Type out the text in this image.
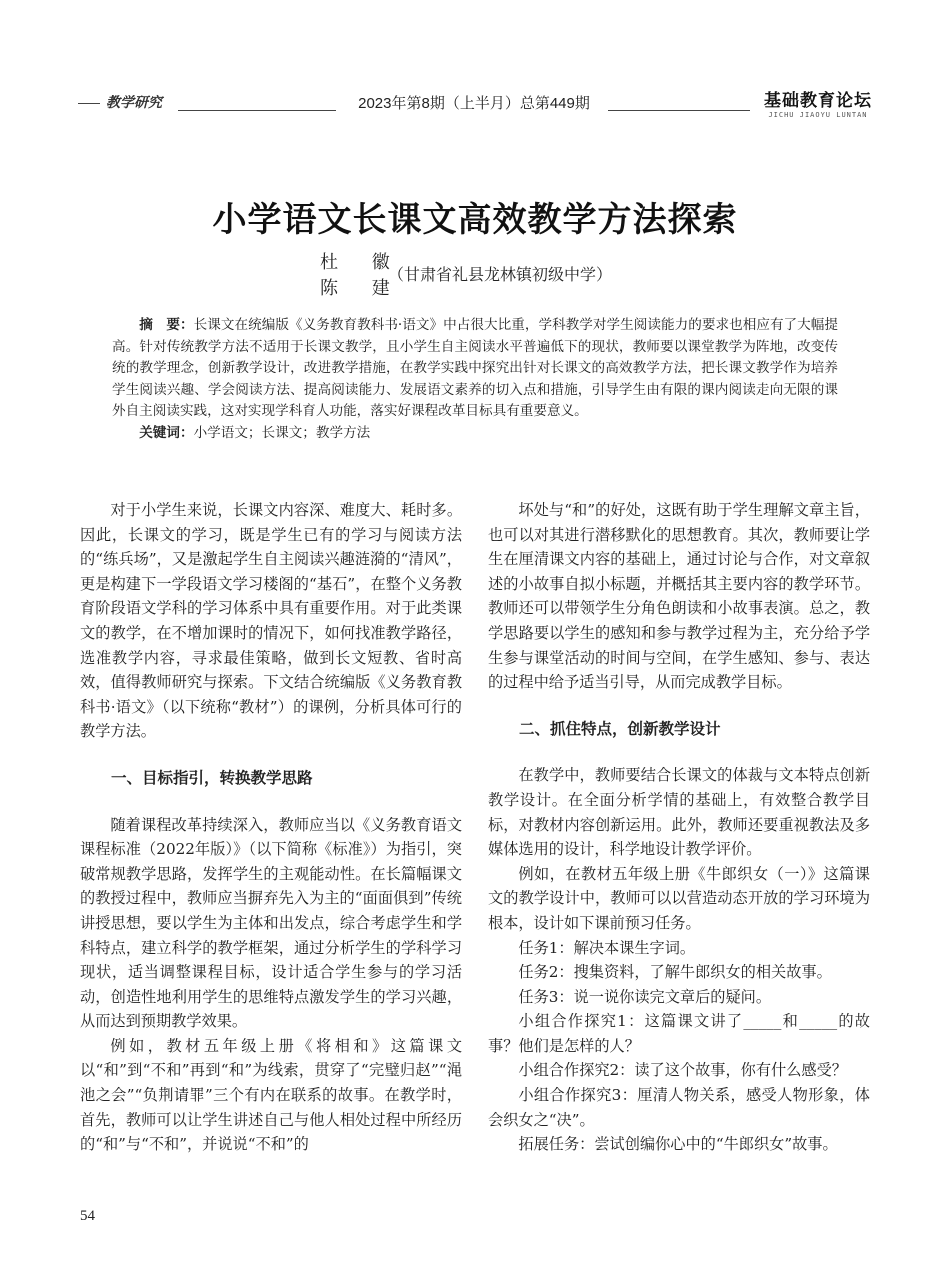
教学研究	2023年第8期（上半月）总第449期	基础教育论坛
JICHU JIAOYU LUNTAN
小学语文长课文高效教学方法探索
杜 徽
陈 建
（甘肃省礼县龙林镇初级中学）

摘　要：长课文在统编版《义务教育教科书·语文》中占很大比重，学科教学对学生阅读能力的要求也相应有了大幅提高。针对传统教学方法不适用于长课文教学，且小学生自主阅读水平普遍低下的现状，教师要以课堂教学为阵地，改变传统的教学理念，创新教学设计，改进教学措施，在教学实践中探究出针对长课文的高效教学方法，把长课文教学作为培养学生阅读兴趣、学会阅读方法、提高阅读能力、发展语文素养的切入点和措施，引导学生由有限的课内阅读走向无限的课外自主阅读实践，这对实现学科育人功能，落实好课程改革目标具有重要意义。

关键词：小学语文；长课文；教学方法

对于小学生来说，长课文内容深、难度大、耗时多。因此，长课文的学习，既是学生已有的学习与阅读方法的“练兵场”，又是激起学生自主阅读兴趣涟漪的“清风”，更是构建下一学段语文学习楼阁的“基石”，在整个义务教育阶段语文学科的学习体系中具有重要作用。对于此类课文的教学，在不增加课时的情况下，如何找准教学路径，选准教学内容，寻求最佳策略，做到长文短教、省时高效，值得教师研究与探索。下文结合统编版《义务教育教科书·语文》（以下统称“教材”）的课例，分析具体可行的教学方法。

一、目标指引，转换教学思路

随着课程改革持续深入，教师应当以《义务教育语文课程标准（2022年版）》（以下简称《标准》）为指引，突破常规教学思路，发挥学生的主观能动性。在长篇幅课文的教授过程中，教师应当摒弃先入为主的“面面俱到”传统讲授思想，要以学生为主体和出发点，综合考虑学生和学科特点，建立科学的教学框架，通过分析学生的学科学习现状，适当调整课程目标，设计适合学生参与的学习活动，创造性地利用学生的思维特点激发学生的学习兴趣，从而达到预期教学效果。

例如，教材五年级上册《将相和》这篇课文以“和”到“不和”再到“和”为线索，贯穿了“完璧归赵”“渑池之会”“负荆请罪”三个有内在联系的故事。在教学时，首先，教师可以让学生讲述自己与他人相处过程中所经历的“和”与“不和”，并说说“不和”的

坏处与“和”的好处，这既有助于学生理解文章主旨，也可以对其进行潜移默化的思想教育。其次，教师要让学生在厘清课文内容的基础上，通过讨论与合作，对文章叙述的小故事自拟小标题，并概括其主要内容的教学环节。教师还可以带领学生分角色朗读和小故事表演。总之，教学思路要以学生的感知和参与教学过程为主，充分给予学生参与课堂活动的时间与空间，在学生感知、参与、表达的过程中给予适当引导，从而完成教学目标。

二、抓住特点，创新教学设计

在教学中，教师要结合长课文的体裁与文本特点创新教学设计。在全面分析学情的基础上，有效整合教学目标，对教材内容创新运用。此外，教师还要重视教法及多媒体选用的设计，科学地设计教学评价。

例如，在教材五年级上册《牛郎织女（一）》这篇课文的教学设计中，教师可以以营造动态开放的学习环境为根本，设计如下课前预习任务。

任务1：解决本课生字词。

任务2：搜集资料，了解牛郎织女的相关故事。

任务3：说一说你读完文章后的疑问。

小组合作探究1：这篇课文讲了_____和_____的故事？他们是怎样的人？

小组合作探究2：读了这个故事，你有什么感受？

小组合作探究3：厘清人物关系，感受人物形象，体会织女之“决”。

拓展任务：尝试创编你心中的“牛郎织女”故事。

54
